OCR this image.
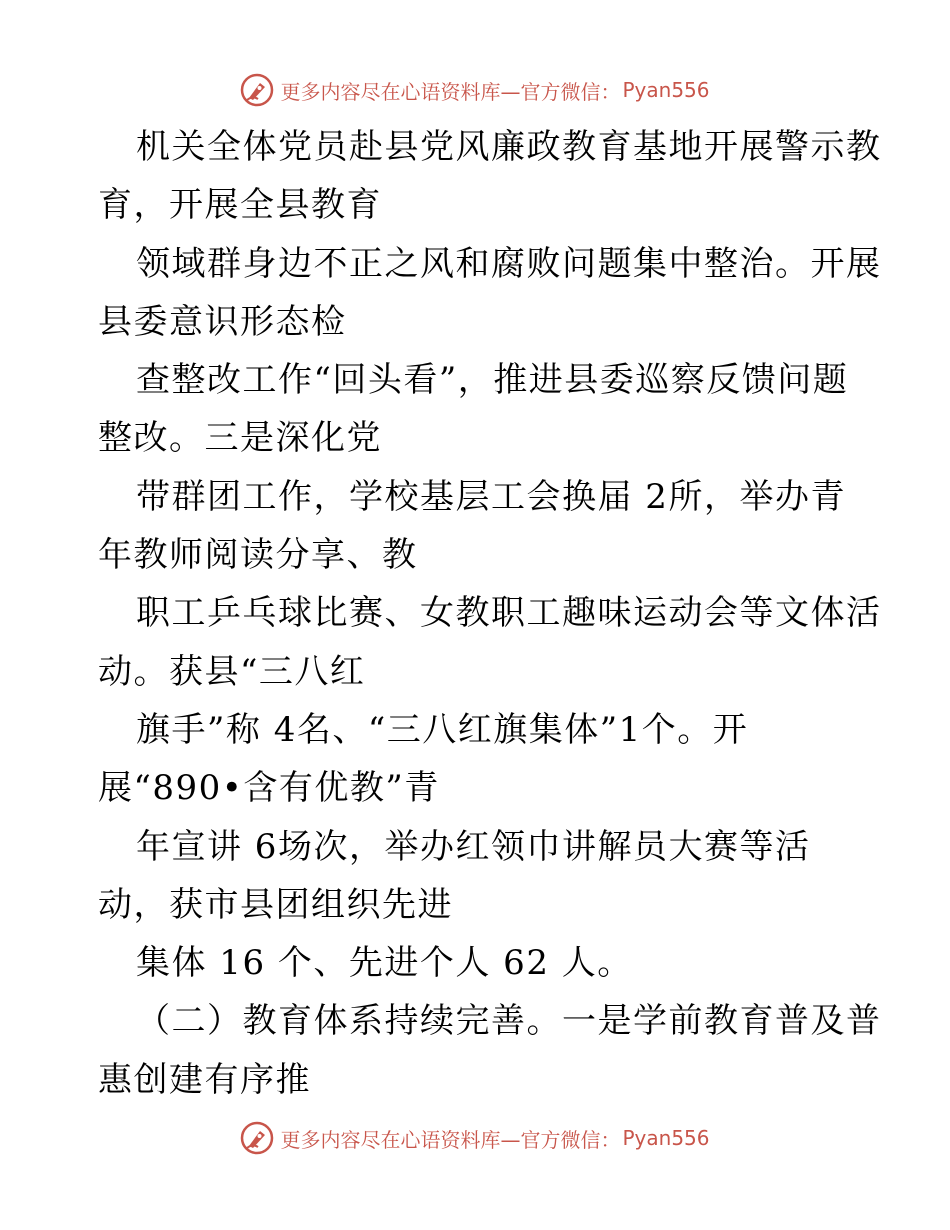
更多内容尽在心语资料库—官方微信： Pyan556
机关全体党员赴县党风廉政教育基地开展警示教
育，开展全县教育
领域群身边不正之风和腐败问题集中整治。开展
县委意识形态检
查整改工作“回头看”，推进县委巡察反馈问题
整改。三是深化党
带群团工作，学校基层工会换届 2所，举办青
年教师阅读分享、教
职工乒乓球比赛、女教职工趣味运动会等文体活
动。获县“三八红
旗手”称 4名、“三八红旗集体”1个。开
展“890•含有优教”青
年宣讲 6场次，举办红领巾讲解员大赛等活
动，获市县团组织先进
集体 16 个、先进个人 62 人。
（二）教育体系持续完善。一是学前教育普及普
惠创建有序推
更多内容尽在心语资料库—官方微信： Pyan556
